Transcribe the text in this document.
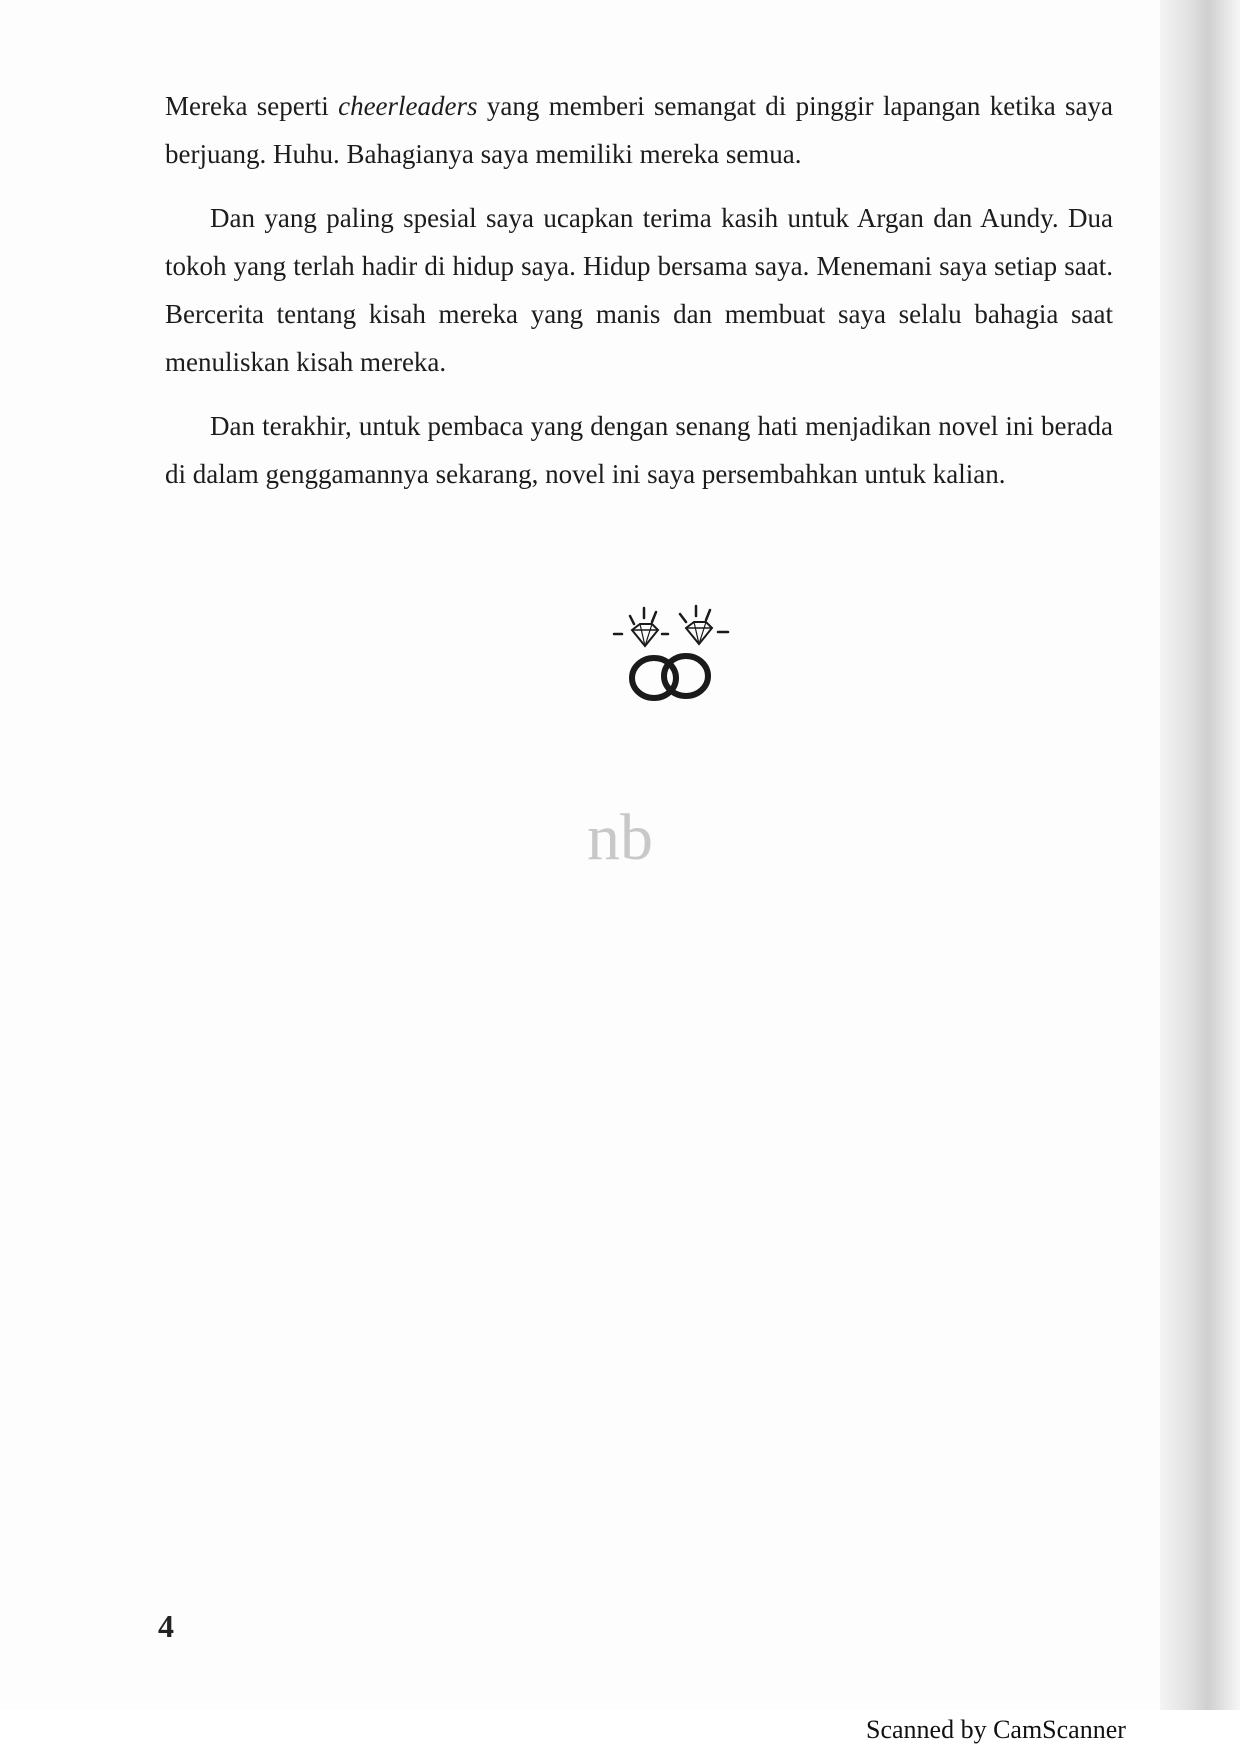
Mereka seperti cheerleaders yang memberi semangat di pinggir lapangan ketika saya berjuang. Huhu. Bahagianya saya memiliki mereka semua.

Dan yang paling spesial saya ucapkan terima kasih untuk Argan dan Aundy. Dua tokoh yang terlah hadir di hidup saya. Hidup bersama saya. Menemani saya setiap saat. Bercerita tentang kisah mereka yang manis dan membuat saya selalu bahagia saat menuliskan kisah mereka.

Dan terakhir, untuk pembaca yang dengan senang hati menjadikan novel ini berada di dalam genggamannya sekarang, novel ini saya persembahkan untuk kalian.

nb
4
Scanned by CamScanner
